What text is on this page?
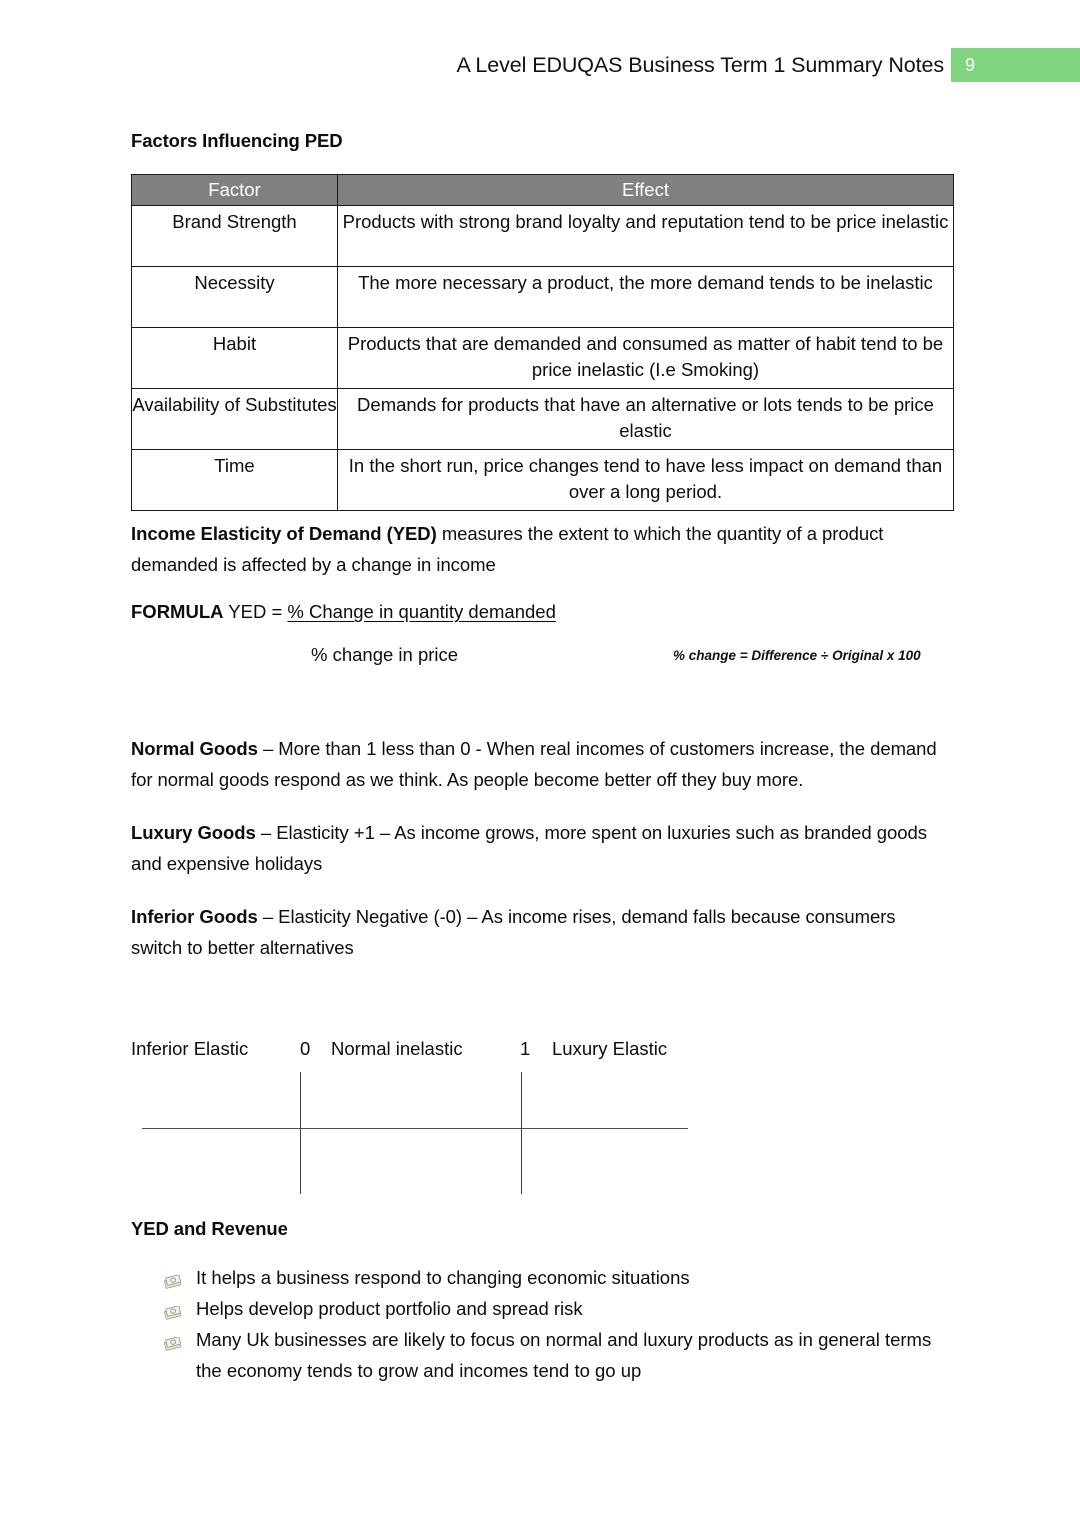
A Level EDUQAS Business Term 1 Summary Notes 9
Factors Influencing PED
Factor	Effect
Brand Strength	Products with strong brand loyalty and reputation tend to be price inelastic
Necessity	The more necessary a product, the more demand tends to be inelastic
Habit	Products that are demanded and consumed as matter of habit tend to be price inelastic (I.e Smoking)
Availability of Substitutes	Demands for products that have an alternative or lots tends to be price elastic
Time	In the short run, price changes tend to have less impact on demand than over a long period.

Income Elasticity of Demand (YED) measures the extent to which the quantity of a product demanded is affected by a change in income

FORMULA YED = % Change in quantity demanded
% change in price	% change = Difference ÷ Original x 100

Normal Goods – More than 1 less than 0 - When real incomes of customers increase, the demand for normal goods respond as we think. As people become better off they buy more.

Luxury Goods – Elasticity +1 – As income grows, more spent on luxuries such as branded goods and expensive holidays

Inferior Goods – Elasticity Negative (-0) – As income rises, demand falls because consumers switch to better alternatives

Inferior Elastic	0 Normal inelastic	1 Luxury Elastic
YED and Revenue
It helps a business respond to changing economic situations
Helps develop product portfolio and spread risk
Many Uk businesses are likely to focus on normal and luxury products as in general terms the economy tends to grow and incomes tend to go up
